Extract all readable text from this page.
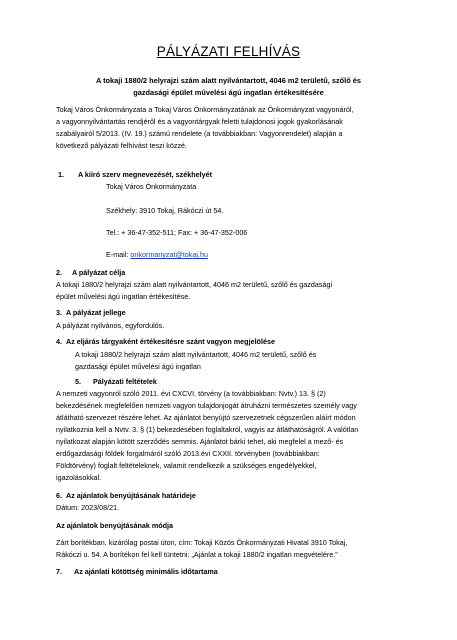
PÁLYÁZATI FELHÍVÁS
A tokaji 1880/2 helyrajzi szám alatt nyilvántartott, 4046 m2 területű, szőlő és
gazdasági épület művelési ágú ingatlan értékesítésére
Tokaj Város Önkormányzata a Tokaj Város Önkormányzatának az Önkormányzat vagyonáról,
a vagyonnyilvántartás rendjéről és a vagyontárgyak feletti tulajdonosi jogok gyakorlásának
szabályairól 5/2013. (IV. 19.) számú rendelete (a továbbiakban: Vagyonrendelet) alapján a
következő pályázati felhívást teszi közzé.
1. A kiíró szerv megnevezését, székhelyét
Tokaj Város Önkormányzata
Székhely: 3910 Tokaj, Rákóczi út 54.
Tel.: + 36-47-352-511; Fax: + 36-47-352-006
E-mail: onkormanyzat@tokaj.hu
2. A pályázat célja
A tokaji 1880/2 helyrajzi szám alatt nyilvántartott, 4046 m2 területű, szőlő és gazdasági
épület művelési ágú ingatlan értékesítése.
3. A pályázat jellege
A pályázat nyilvános, egyfordulós.
4. Az eljárás tárgyaként értékesítésre szánt vagyon megjelölése
A tokaji 1880/2 helyrajzi szám alatt nyilvántartott, 4046 m2 területű, szőlő és
gazdasági épület művelési ágú ingatlan
5. Pályázati feltételek
A nemzeti vagyonról szóló 2011. évi CXCVI. törvény (a továbbiakban: Nvtv.) 13. § (2)
bekezdésének megfelelően nemzeti vagyon tulajdonjogát átruházni természetes személy vagy
átlátható szervezet részére lehet. Az ajánlatot benyújtó szervezetnek cégszerűen aláírt módon
nyilatkoznia kell a Nvtv. 3. § (1) bekezdésében foglaltakról, vagyis az átláthatóságról. A valótlan
nyilatkozat alapján kötött szerződés semmis. Ajánlatot bárki tehet, aki megfelel a mező- és
erdőgazdasági földek forgalmáról szóló 2013.évi CXXII. törvényben (továbbiakban:
Földtörvény) foglalt feltételeknek, valamit rendelkezik a szükséges engedélyekkel,
igazolásokkal.
6. Az ajánlatok benyújtásának határideje
Dátum: 2023/08/21.
Az ajánlatok benyújtásának módja
Zárt borítékban, kizárólag postai úton, cím: Tokaji Közös Önkormányzati Hivatal 3910 Tokaj,
Rákóczi u. 54. A borítékon fel kell tüntetni: „Ajánlat a tokaji 1880/2 ingatlan megvételére."
7. Az ajánlati kötöttség minimális időtartama
